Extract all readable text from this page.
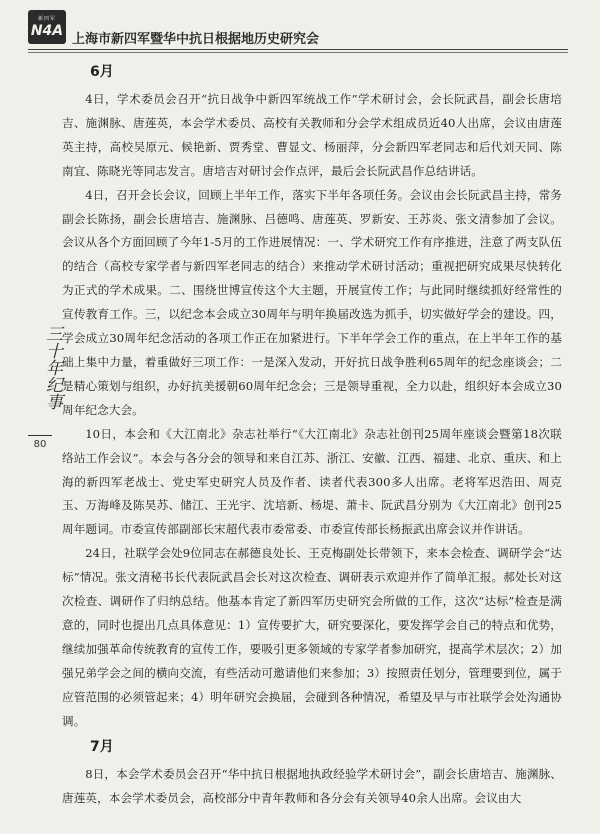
新四军
N4A
上海市新四军暨华中抗日根据地历史研究会
三十年纪事
80
6月

4日，学术委员会召开“抗日战争中新四军统战工作”学术研讨会，会长阮武昌，副会长唐培吉、施渊脉、唐莲英，本会学术委员、高校有关教师和分会学术组成员近40人出席，会议由唐莲英主持，高校吴原元、候艳新、贾秀堂、曹显文、杨丽萍，分会新四军老同志和后代刘天同、陈南宜、陈晓光等同志发言。唐培吉对研讨会作点评，最后会长阮武昌作总结讲话。

4日，召开会长会议，回顾上半年工作，落实下半年各项任务。会议由会长阮武昌主持，常务副会长陈扬，副会长唐培吉、施渊脉、吕德鸣、唐莲英、罗新安、王苏炎、张文清参加了会议。会议从各个方面回顾了今年1-5月的工作进展情况：一、学术研究工作有序推进，注意了两支队伍的结合（高校专家学者与新四军老同志的结合）来推动学术研讨活动；重视把研究成果尽快转化为正式的学术成果。二、围绕世博宣传这个大主题，开展宣传工作；与此同时继续抓好经常性的宣传教育工作。三，以纪念本会成立30周年与明年换届改选为抓手，切实做好学会的建设。四，学会成立30周年纪念活动的各项工作正在加紧进行。下半年学会工作的重点，在上半年工作的基础上集中力量，着重做好三项工作：一是深入发动，开好抗日战争胜利65周年的纪念座谈会；二是精心策划与组织，办好抗美援朝60周年纪念会；三是领导重视，全力以赴，组织好本会成立30周年纪念大会。

10日，本会和《大江南北》杂志社举行“《大江南北》杂志社创刊25周年座谈会暨第18次联络站工作会议”。本会与各分会的领导和来自江苏、浙江、安徽、江西、福建、北京、重庆、和上海的新四军老战士、党史军史研究人员及作者、读者代表300多人出席。老将军迟浩田、周克玉、万海峰及陈昊苏、储江、王光宇、沈培新、杨堤、萧卡、阮武昌分别为《大江南北》创刊25周年题词。市委宣传部副部长宋超代表市委常委、市委宣传部长杨振武出席会议并作讲话。

24日，社联学会处9位同志在郝德良处长、王克梅副处长带领下，来本会检查、调研学会“达标”情况。张文清秘书长代表阮武昌会长对这次检查、调研表示欢迎并作了简单汇报。郝处长对这次检查、调研作了归纳总结。他基本肯定了新四军历史研究会所做的工作，这次“达标”检查是满意的，同时也提出几点具体意见：1）宣传要扩大，研究要深化，要发挥学会自己的特点和优势，继续加强革命传统教育的宣传工作，要吸引更多领域的专家学者参加研究，提高学术层次；2）加强兄弟学会之间的横向交流，有些活动可邀请他们来参加；3）按照责任划分，管理要到位，属于应管范围的必须管起来；4）明年研究会换届，会碰到各种情况，希望及早与市社联学会处沟通协调。

7月

8日，本会学术委员会召开“华中抗日根据地执政经验学术研讨会”，副会长唐培吉、施渊脉、唐莲英，本会学术委员会，高校部分中青年教师和各分会有关领导40余人出席。会议由大
